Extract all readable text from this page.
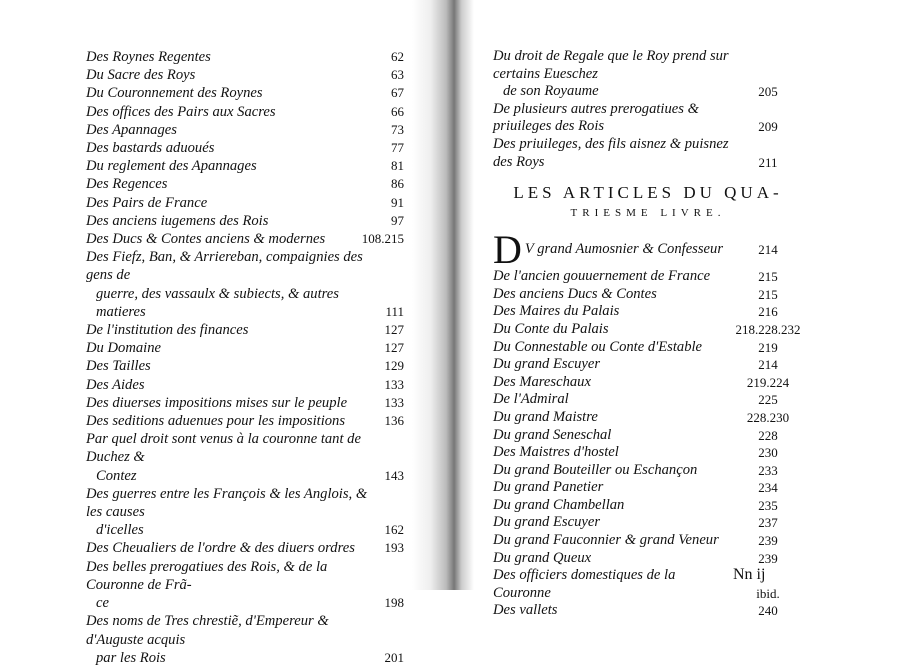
Des Roynes Regentes	62
Du Sacre des Roys	63
Du Couronnement des Roynes	67
Des offices des Pairs aux Sacres	66
Des Apannages	73
Des bastards aduoués	77
Du reglement des Apannages	81
Des Regences	86
Des Pairs de France	91
Des anciens iugemens des Rois	97
Des Ducs & Contes anciens & modernes	108.215
Des Fiefz, Ban, & Arriereban, compaignies des gens de
guerre, des vassaulx & subiects, & autres matieres	111
De l'institution des finances	127
Du Domaine	127
Des Tailles	129
Des Aides	133
Des diuerses impositions mises sur le peuple	133
Des seditions aduenues pour les impositions	136
Par quel droit sont venus à la couronne tant de Duchez &
Contez	143
Des guerres entre les François & les Anglois, & les causes
d'icelles	162
Des Cheualiers de l'ordre & des diuers ordres	193
Des belles prerogatiues des Rois, & de la Couronne de Frã-
ce	198
Des noms de Tres chrestiẽ, d'Empereur & d'Auguste acquis
par les Rois	201
Du droit de Regale que le Roy prend sur certains Eueschez
de son Royaume	205
De plusieurs autres prerogatiues & priuileges des Rois	209
Des priuileges, des fils aisnez & puisnez des Roys	211
LES ARTICLES DU QUA-
TRIESME LIVRE.
D V grand Aumosnier & Confesseur	214
De l'ancien gouuernement de France	215
Des anciens Ducs & Contes	215
Des Maires du Palais	216
Du Conte du Palais	218.228.232
Du Connestable ou Conte d'Estable	219
Du grand Escuyer	214
Des Mareschaux	219.224
De l'Admiral	225
Du grand Maistre	228.230
Du grand Seneschal	228
Des Maistres d'hostel	230
Du grand Bouteiller ou Eschançon	233
Du grand Panetier	234
Du grand Chambellan	235
Du grand Escuyer	237
Du grand Fauconnier & grand Veneur	239
Du grand Queux	239
Des officiers domestiques de la Couronne	ibid.
Des vallets	240
Nn ij
